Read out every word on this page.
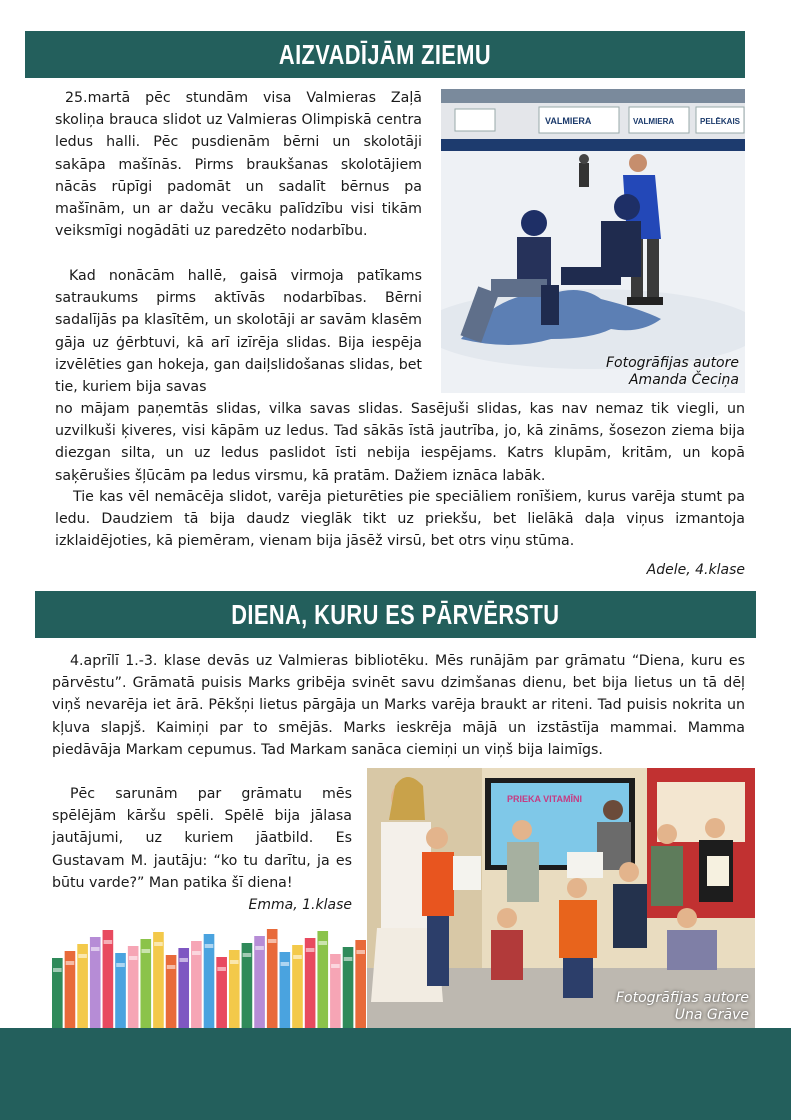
AIZVADĪJĀM ZIEMU
25.martā pēc stundām visa Valmieras Zaļā skoliņa brauca slidot uz Valmieras Olimpiskā centra ledus halli. Pēc pusdienām bērni un skolotāji sakāpa mašīnās. Pirms braukšanas skolotājiem nācās rūpīgi padomāt un sadalīt bērnus pa mašīnām, un ar dažu vecāku palīdzību visi tikām veiksmīgi nogādāti uz paredzēto nodarbību.
Kad nonācām hallē, gaisā virmoja patīkams satraukums pirms aktīvās nodarbības. Bērni sadalījās pa klasītēm, un skolotāji ar savām klasēm gāja uz ģērbtuvi, kā arī izīrēja slidas. Bija iespēja izvēlēties gan hokeja, gan daiļslidošanas slidas, bet tie, kuriem bija savas
no mājam paņemtās slidas, vilka savas slidas. Sasējuši slidas, kas nav nemaz tik viegli, un uzvilkuši ķiveres, visi kāpām uz ledus. Tad sākās īstā jautrība, jo, kā zināms, šosezon ziema bija diezgan silta, un uz ledus paslidot īsti nebija iespējams. Katrs klupām, kritām, un kopā saķērušies šļūcām pa ledus virsmu, kā pratām. Dažiem iznāca labāk.
Tie kas vēl nemācēja slidot, varēja pieturēties pie speciāliem ronīšiem, kurus varēja stumt pa ledu. Daudziem tā bija daudz vieglāk tikt uz priekšu, bet lielākā daļa viņus izmantoja izklaidējoties, kā piemēram, vienam bija jāsēž virsū, bet otrs viņu stūma.
Adele, 4.klase
VALMIERA	VALMIERA	PELĒKAIS
Fotogrāfijas autore
Amanda Čeciņa
DIENA, KURU ES PĀRVĒRSTU
4.aprīlī 1.-3. klase devās uz Valmieras bibliotēku. Mēs runājām par grāmatu “Diena, kuru es pārvēstu”. Grāmatā puisis Marks gribēja svinēt savu dzimšanas dienu, bet bija lietus un tā dēļ viņš nevarēja iet ārā. Pēkšņi lietus pārgāja un Marks varēja braukt ar riteni. Tad puisis nokrita un kļuva slapjš. Kaimiņi par to smējās. Marks ieskrēja mājā un izstāstīja mammai. Mamma piedāvāja Markam cepumus. Tad Markam sanāca ciemiņi un viņš bija laimīgs.
Pēc sarunām par grāmatu mēs spēlējām kāršu spēli. Spēlē bija jālasa jautājumi, uz kuriem jāatbild. Es Gustavam M. jautāju: “ko tu darītu, ja es būtu varde?” Man patika šī diena!
Emma, 1.klase
PRIEKA VITAMĪNI
Fotogrāfijas autore
Una Grāve
